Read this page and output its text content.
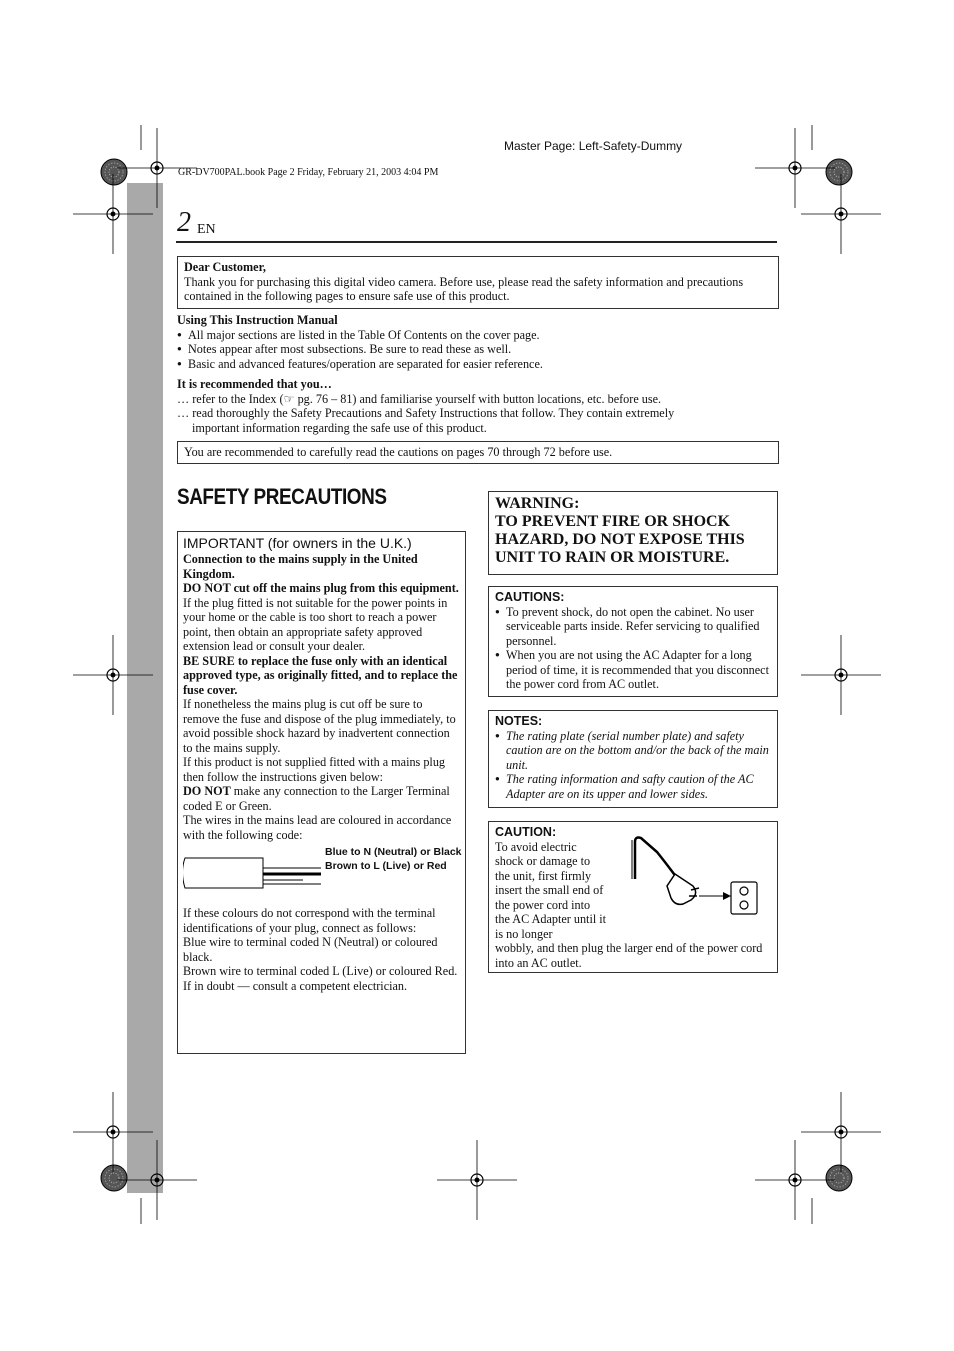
Master Page: Left-Safety-Dummy
GR-DV700PAL.book Page 2 Friday, February 21, 2003 4:04 PM
2 EN
Dear Customer,
Thank you for purchasing this digital video camera. Before use, please read the safety information and precautions contained in the following pages to ensure safe use of this product.
Using This Instruction Manual
● All major sections are listed in the Table Of Contents on the cover page.
● Notes appear after most subsections. Be sure to read these as well.
● Basic and advanced features/operation are separated for easier reference.
It is recommended that you…
… refer to the Index (☞ pg. 76 – 81) and familiarise yourself with button locations, etc. before use.
… read thoroughly the Safety Precautions and Safety Instructions that follow. They contain extremely
important information regarding the safe use of this product.
You are recommended to carefully read the cautions on pages 70 through 72 before use.
SAFETY PRECAUTIONS
IMPORTANT (for owners in the U.K.)
Connection to the mains supply in the United Kingdom.
DO NOT cut off the mains plug from this equipment.
If the plug fitted is not suitable for the power points in your home or the cable is too short to reach a power point, then obtain an appropriate safety approved extension lead or consult your dealer.
BE SURE to replace the fuse only with an identical approved type, as originally fitted, and to replace the fuse cover.
If nonetheless the mains plug is cut off be sure to remove the fuse and dispose of the plug immediately, to avoid possible shock hazard by inadvertent connection to the mains supply.
If this product is not supplied fitted with a mains plug then follow the instructions given below:
DO NOT make any connection to the Larger Terminal coded E or Green.
The wires in the mains lead are coloured in accordance with the following code:
Blue to N (Neutral) or Black
Brown to L (Live) or Red
If these colours do not correspond with the terminal identifications of your plug, connect as follows:
Blue wire to terminal coded N (Neutral) or coloured black.
Brown wire to terminal coded L (Live) or coloured Red.
If in doubt — consult a competent electrician.
WARNING:
TO PREVENT FIRE OR SHOCK HAZARD, DO NOT EXPOSE THIS UNIT TO RAIN OR MOISTURE.
CAUTIONS:
● To prevent shock, do not open the cabinet. No user serviceable parts inside. Refer servicing to qualified personnel.
● When you are not using the AC Adapter for a long period of time, it is recommended that you disconnect the power cord from AC outlet.
NOTES:
● The rating plate (serial number plate) and safety caution are on the bottom and/or the back of the main unit.
● The rating information and safty caution of the AC Adapter are on its upper and lower sides.
CAUTION:
To avoid electric shock or damage to the unit, first firmly insert the small end of the power cord into the AC Adapter until it is no longer
wobbly, and then plug the larger end of the power cord into an AC outlet.
